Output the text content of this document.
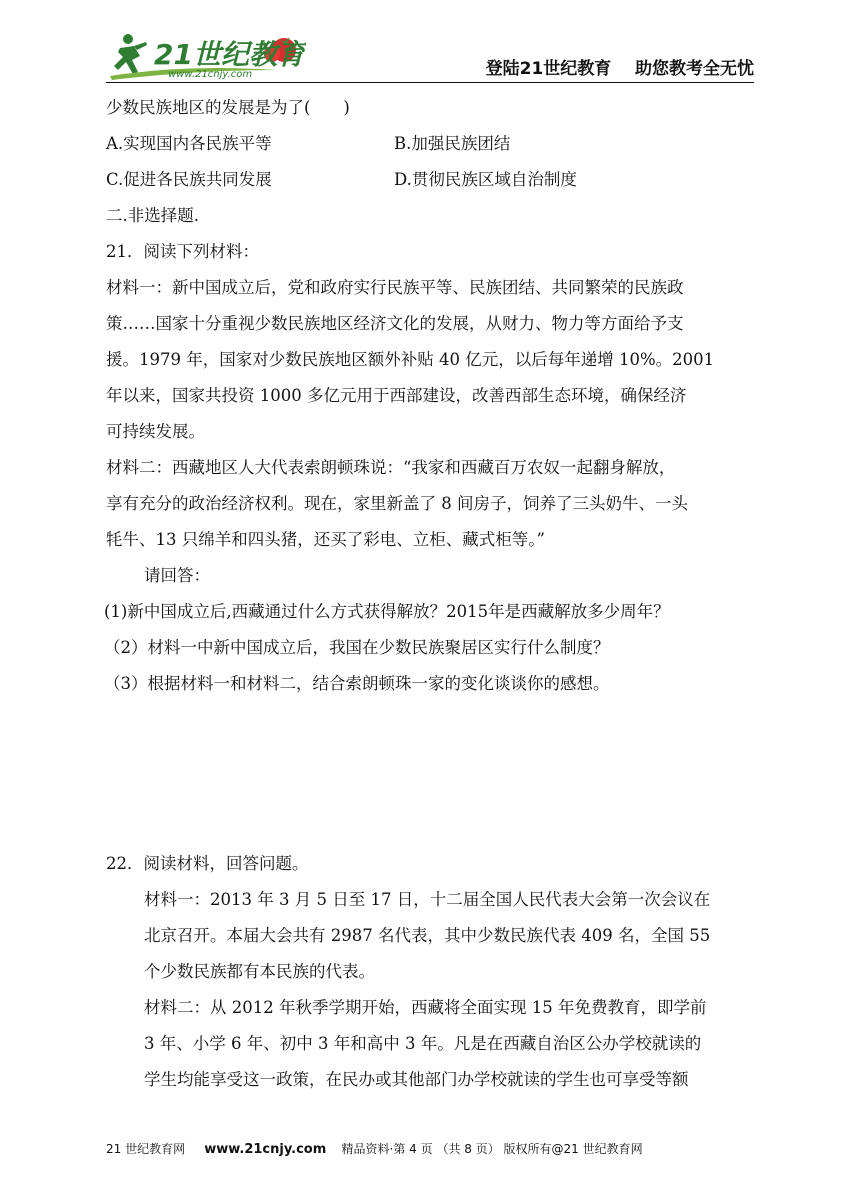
21世纪教育
www.21cnjy.com	登陆21世纪教育 助您教考全无忧
少数民族地区的发展是为了(　　)
A.实现国内各民族平等	B.加强民族团结
C.促进各民族共同发展	D.贯彻民族区域自治制度
二.非选择题.
21．阅读下列材料：
材料一：新中国成立后，党和政府实行民族平等、民族团结、共同繁荣的民族政
策……国家十分重视少数民族地区经济文化的发展，从财力、物力等方面给予支
援。1979 年，国家对少数民族地区额外补贴 40 亿元，以后每年递增 10%。2001
年以来，国家共投资 1000 多亿元用于西部建设，改善西部生态环境，确保经济
可持续发展。
材料二：西藏地区人大代表索朗顿珠说：“我家和西藏百万农奴一起翻身解放，
享有充分的政治经济权利。现在，家里新盖了 8 间房子，饲养了三头奶牛、一头
牦牛、13 只绵羊和四头猪，还买了彩电、立柜、藏式柜等。”
请回答：
(1)新中国成立后,西藏通过什么方式获得解放？2015年是西藏解放多少周年？
（2）材料一中新中国成立后，我国在少数民族聚居区实行什么制度？
（3）根据材料一和材料二，结合索朗顿珠一家的变化谈谈你的感想。
22．阅读材料，回答问题。
材料一：2013 年 3 月 5 日至 17 日，十二届全国人民代表大会第一次会议在
北京召开。本届大会共有 2987 名代表，其中少数民族代表 409 名，全国 55
个少数民族都有本民族的代表。
材料二：从 2012 年秋季学期开始，西藏将全面实现 15 年免费教育，即学前
3 年、小学 6 年、初中 3 年和高中 3 年。凡是在西藏自治区公办学校就读的
学生均能享受这一政策，在民办或其他部门办学校就读的学生也可享受等额
21 世纪教育网 www.21cnjy.com 精品资料·第 4 页 （共 8 页） 版权所有@21 世纪教育网
